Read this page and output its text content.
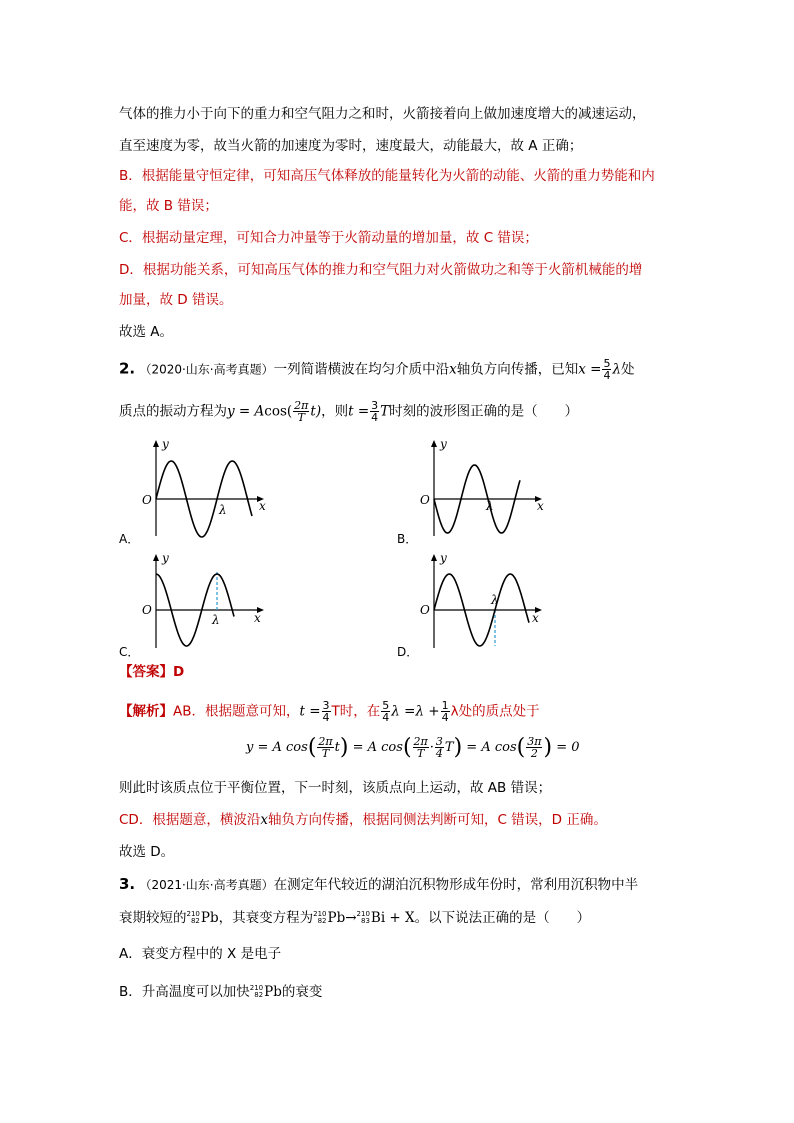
气体的推力小于向下的重力和空气阻力之和时，火箭接着向上做加速度增大的减速运动，
直至速度为零，故当火箭的加速度为零时，速度最大，动能最大，故 A 正确；
B．根据能量守恒定律，可知高压气体释放的能量转化为火箭的动能、火箭的重力势能和内
能，故 B 错误；
C．根据动量定理，可知合力冲量等于火箭动量的增加量，故 C 错误；
D．根据功能关系，可知高压气体的推力和空气阻力对火箭做功之和等于火箭机械能的增
加量，故 D 错误。
故选 A。
2. （2020·山东·高考真题）一列简谐横波在均匀介质中沿x轴负方向传播，已知$x = \frac{5}{4}$ λ处
质点的振动方程为$y = Acos( \frac{2\pi}{T} t)$，则$t = \frac{3}{4}$ T时刻的波形图正确的是（　　）
y
O	x
λ
A．
y
O	x
λ
B．
y
O
x
λ
C．
y
O
x
λ
D．
【答案】D
【解析】AB．根据题意可知，$t = \frac{3}{4}$ T时，在 $\frac{5}{4}$ $\lambda =\lambda + \frac{1}{4}$ λ处的质点处于
y = A $\cos( \frac{2\pi}{T} t) = A$ $\cos( \frac{2\pi}{T} \cdot \frac{3}{4} T) = A$ $\cos( \frac{3\pi}{2}$ ) = 0
则此时该质点位于平衡位置，下一时刻，该质点向上运动，故 AB 错误；
CD．根据题意，横波沿x轴负方向传播，根据同侧法判断可知，C 错误，D 正确。
故选 D。
3. （2021·山东·高考真题）在测定年代较近的湖泊沉积物形成年份时，常利用沉积物中半
衰期较短的 210
82 Pb，其衰变方程为 210
82 Pb→ 210
83 Bi + X。以下说法正确的是（　　）
A．衰变方程中的 X 是电子
B．升高温度可以加快 210
82 Pb的衰变
